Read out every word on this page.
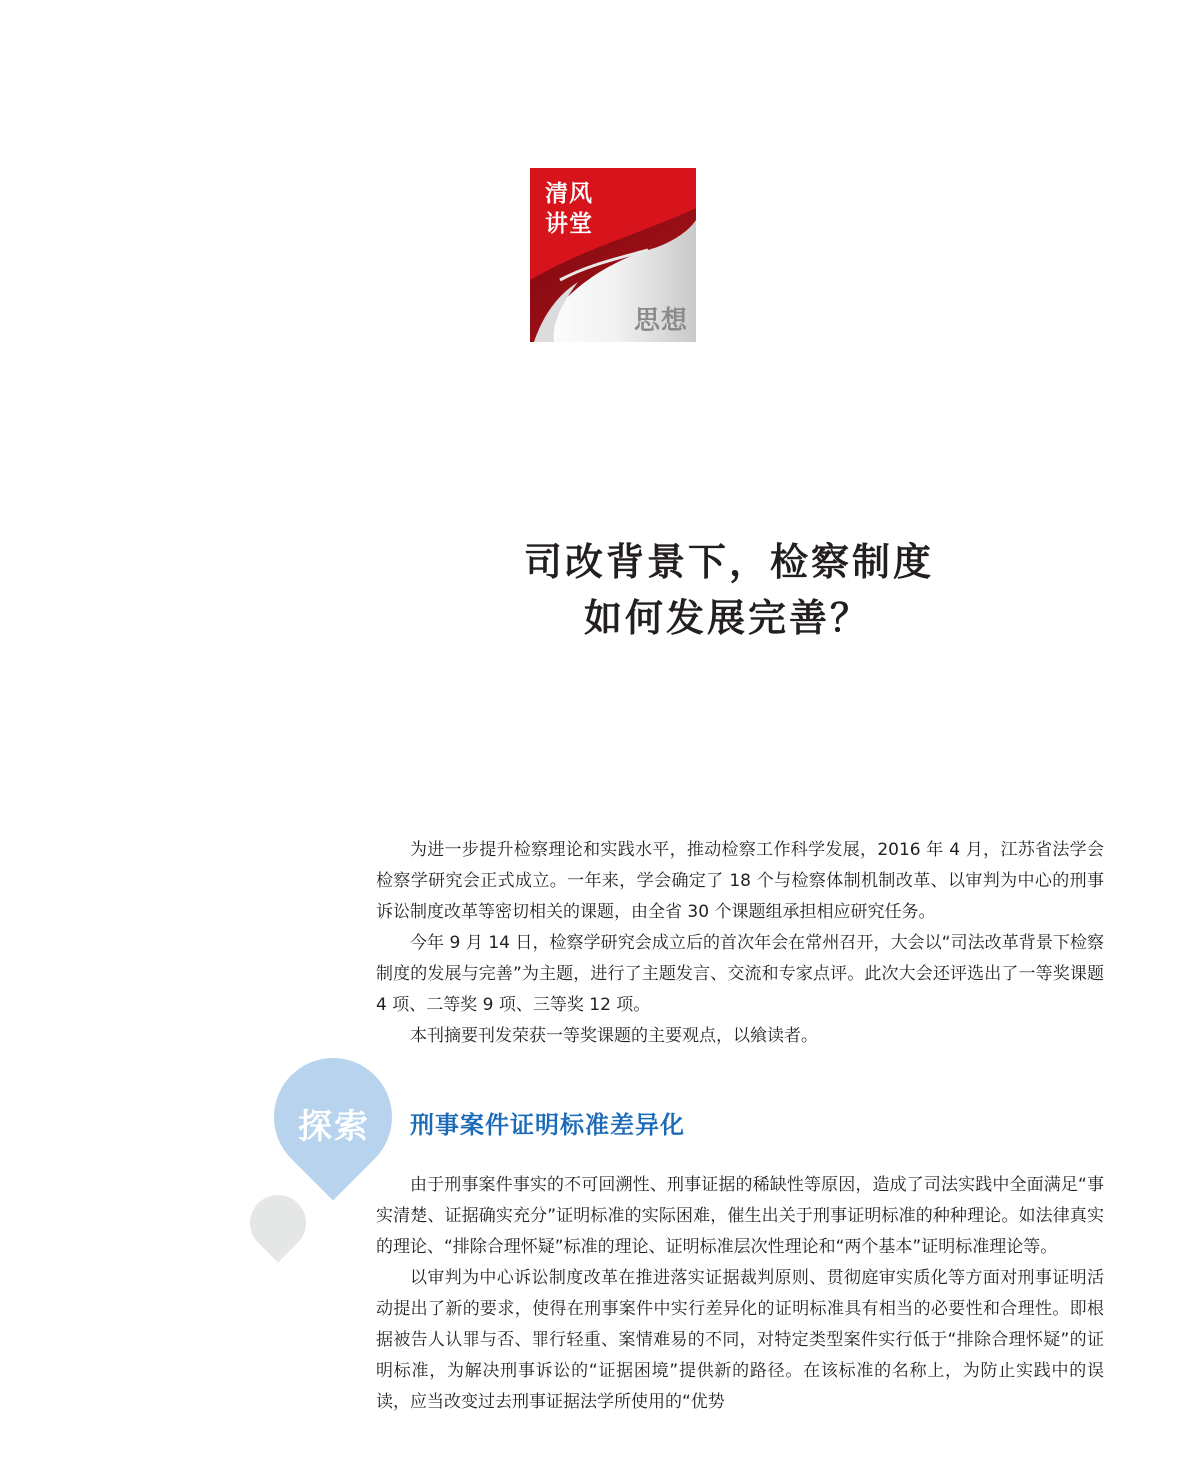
清风
讲堂
思想
司改背景下，检察制度
如何发展完善？

为进一步提升检察理论和实践水平，推动检察工作科学发展，2016 年 4 月，江苏省法学会检察学研究会正式成立。一年来，学会确定了 18 个与检察体制机制改革、以审判为中心的刑事诉讼制度改革等密切相关的课题，由全省 30 个课题组承担相应研究任务。

今年 9 月 14 日，检察学研究会成立后的首次年会在常州召开，大会以“司法改革背景下检察制度的发展与完善”为主题，进行了主题发言、交流和专家点评。此次大会还评选出了一等奖课题 4 项、二等奖 9 项、三等奖 12 项。

本刊摘要刊发荣获一等奖课题的主要观点，以飨读者。

探索 刑事案件证明标准差异化

由于刑事案件事实的不可回溯性、刑事证据的稀缺性等原因，造成了司法实践中全面满足“事实清楚、证据确实充分”证明标准的实际困难，催生出关于刑事证明标准的种种理论。如法律真实的理论、“排除合理怀疑”标准的理论、证明标准层次性理论和“两个基本”证明标准理论等。

以审判为中心诉讼制度改革在推进落实证据裁判原则、贯彻庭审实质化等方面对刑事证明活动提出了新的要求，使得在刑事案件中实行差异化的证明标准具有相当的必要性和合理性。即根据被告人认罪与否、罪行轻重、案情难易的不同，对特定类型案件实行低于“排除合理怀疑”的证明标准，为解决刑事诉讼的“证据困境”提供新的路径。在该标准的名称上，为防止实践中的误读，应当改变过去刑事证据法学所使用的“优势
